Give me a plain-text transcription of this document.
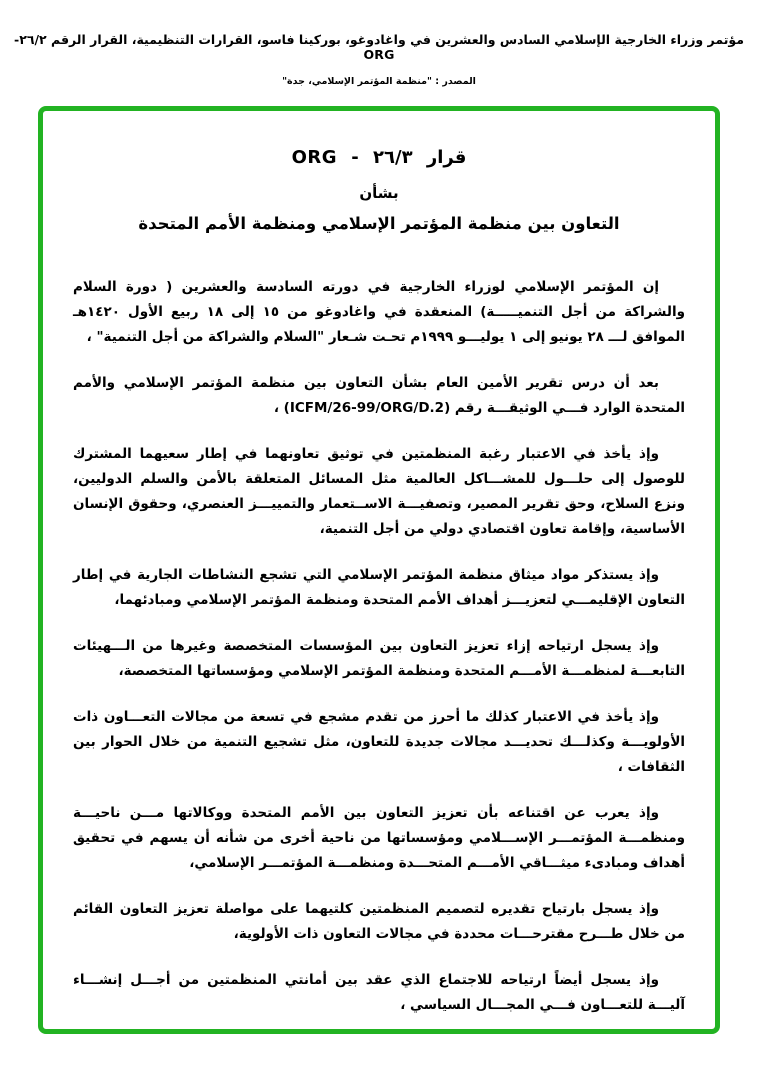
مؤتمر وزراء الخارجية الإسلامي السادس والعشرين في واغادوغو، بوركينا فاسو، القرارات التنظيمية، القرار الرقم ٢٦/٢-ORG
المصدر : "منظمة المؤتمر الإسلامي، جدة"
قرار ٢٦/٣ - ORG
بشأن
التعاون بين منظمة المؤتمر الإسلامي ومنظمة الأمم المتحدة

إن المؤتمر الإسلامي لوزراء الخارجية في دورته السادسة والعشرين ( دورة السلام والشراكة من أجل التنميـــــة) المنعقدة في واغادوغو من ١٥ إلى ١٨ ربيع الأول ١٤٢٠هـ الموافق لـــ ٢٨ يونيو إلى ١ يوليـــو ١٩٩٩م تحـت شـعار "السلام والشراكة من أجل التنمية" ،

بعد أن درس تقرير الأمين العام بشأن التعاون بين منظمة المؤتمر الإسلامي والأمم المتحدة الوارد فـــي الوثيقـــة رقم (ICFM/26-99/ORG/D.2) ،

وإذ يأخذ في الاعتبار رغبة المنظمتين في توثيق تعاونهما في إطار سعيهما المشترك للوصول إلى حلـــول للمشـــاكل العالمية مثل المسائل المتعلقة بالأمن والسلم الدوليين، ونزع السلاح، وحق تقرير المصير، وتصفيـــة الاســتعمار والتمييـــز العنصري، وحقوق الإنسان الأساسية، وإقامة تعاون اقتصادي دولي من أجل التنمية،

وإذ يستذكر مواد ميثاق منظمة المؤتمر الإسلامي التي تشجع النشاطات الجارية في إطار التعاون الإقليمـــي لتعزيـــز أهداف الأمم المتحدة ومنظمة المؤتمر الإسلامي ومبادئهما،

وإذ يسجل ارتياحه إزاء تعزيز التعاون بين المؤسسات المتخصصة وغيرها من الـــهيئات التابعـــة لمنظمـــة الأمـــم المتحدة ومنظمة المؤتمر الإسلامي ومؤسساتها المتخصصة،

وإذ يأخذ في الاعتبار كذلك ما أحرز من تقدم مشجع في تسعة من مجالات التعـــاون ذات الأولويـــة وكذلـــك تحديـــد مجالات جديدة للتعاون، مثل تشجيع التنمية من خلال الحوار بين الثقافات ،

وإذ يعرب عن اقتناعه بأن تعزيز التعاون بين الأمم المتحدة ووكالاتها مـــن ناحيـــة ومنظمـــة المؤتمـــر الإســـلامي ومؤسساتها من ناحية أخرى من شأنه أن يسهم في تحقيق أهداف ومبادىء ميثـــاقي الأمـــم المتحـــدة ومنظمـــة المؤتمـــر الإسلامي،

وإذ يسجل بارتياح تقديره لتصميم المنظمتين كلتيهما على مواصلة تعزيز التعاون القائم من خلال طـــرح مقترحـــات محددة في مجالات التعاون ذات الأولوية،

وإذ يسجل أيضاً ارتياحه للاجتماع الذي عقد بين أمانتي المنظمتين من أجـــل إنشـــاء آليـــة للتعـــاون فـــي المجـــال السياسي ،
